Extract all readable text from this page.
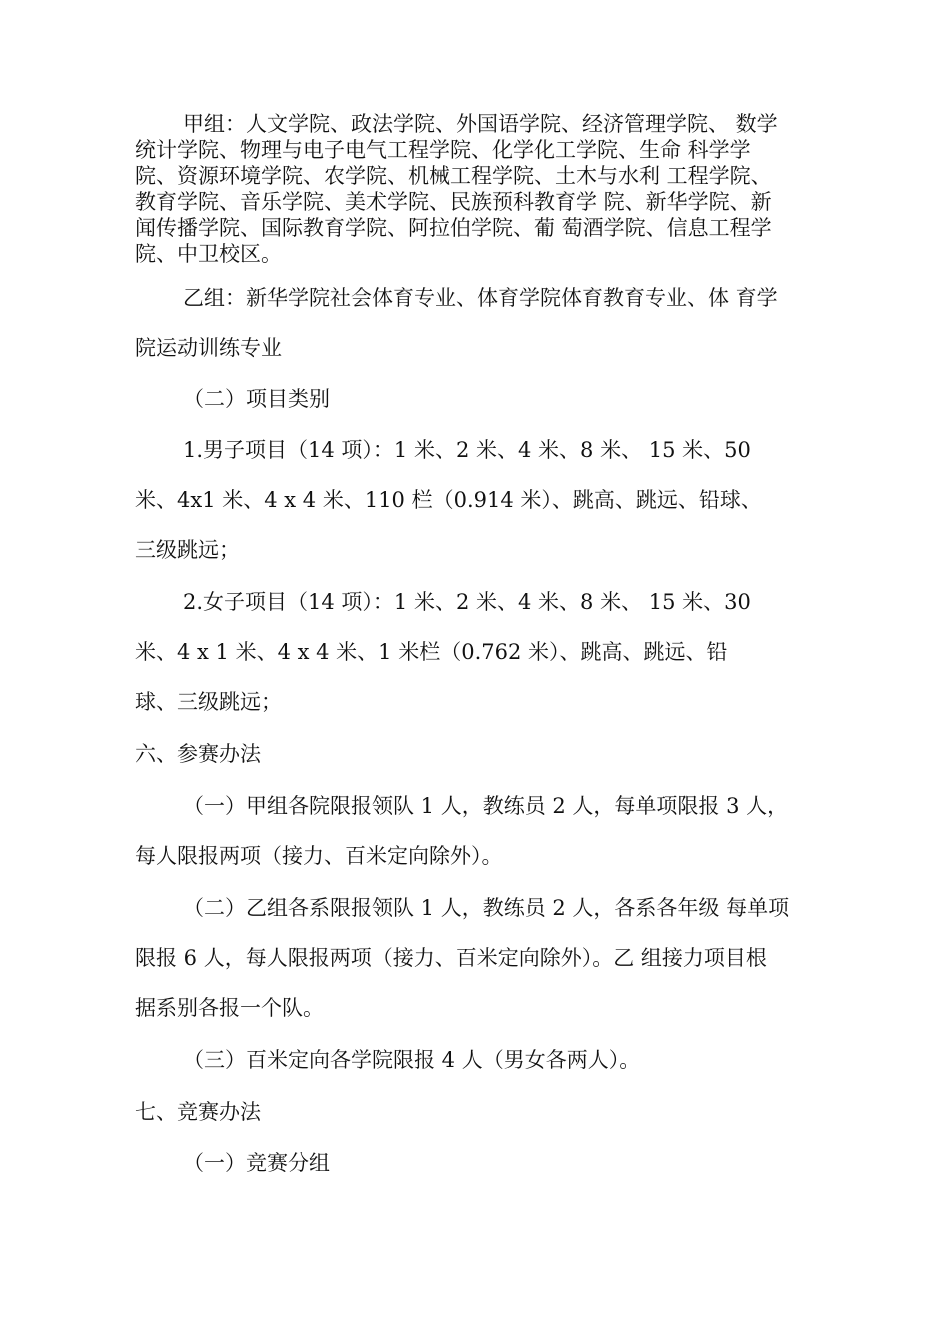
甲组：人文学院、政法学院、外国语学院、经济管理学院、 数学
统计学院、物理与电子电气工程学院、化学化工学院、生命 科学学
院、资源环境学院、农学院、机械工程学院、土木与水利 工程学院、
教育学院、音乐学院、美术学院、民族预科教育学 院、新华学院、新
闻传播学院、国际教育学院、阿拉伯学院、葡 萄酒学院、信息工程学
院、中卫校区。
乙组：新华学院社会体育专业、体育学院体育教育专业、体 育学
院运动训练专业
（二）项目类别
1.男子项目（14 项）：1 米、2 米、4 米、8 米、 15 米、50
米、4x1 米、4 x 4 米、110 栏（0.914 米）、跳高、跳远、铅球、
三级跳远；
2.女子项目（14 项）：1 米、2 米、4 米、8 米、 15 米、30
米、4 x 1 米、4 x 4 米、1 米栏（0.762 米）、跳高、跳远、铅
球、三级跳远；
六、参赛办法
（一）甲组各院限报领队 1 人，教练员 2 人，每单项限报 3 人，
每人限报两项（接力、百米定向除外）。
（二）乙组各系限报领队 1 人，教练员 2 人，各系各年级 每单项
限报 6 人，每人限报两项（接力、百米定向除外）。乙 组接力项目根
据系别各报一个队。
（三）百米定向各学院限报 4 人（男女各两人）。
七、竞赛办法
（一）竞赛分组
